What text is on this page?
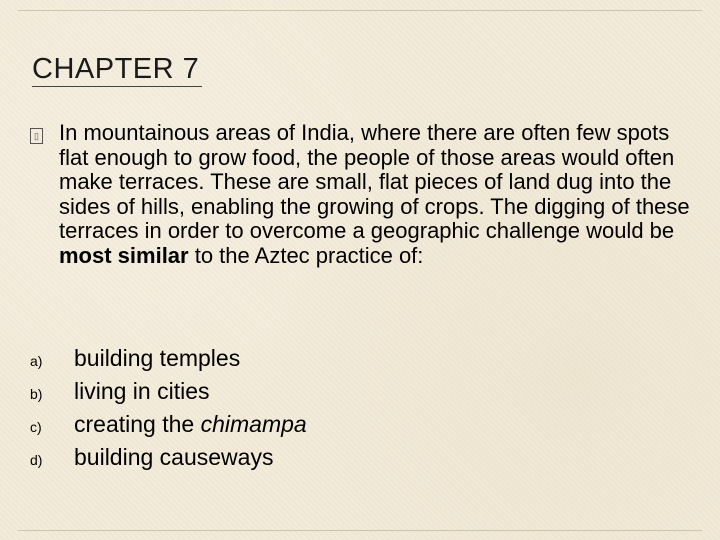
CHAPTER 7
▯ In mountainous areas of India, where there are often few spots flat enough to grow food, the people of those areas would often make terraces. These are small, flat pieces of land dug into the sides of hills, enabling the growing of crops. The digging of these terraces in order to overcome a geographic challenge would be most similar to the Aztec practice of:
a) building temples
b) living in cities
c) creating the chimampa
d) building causeways
